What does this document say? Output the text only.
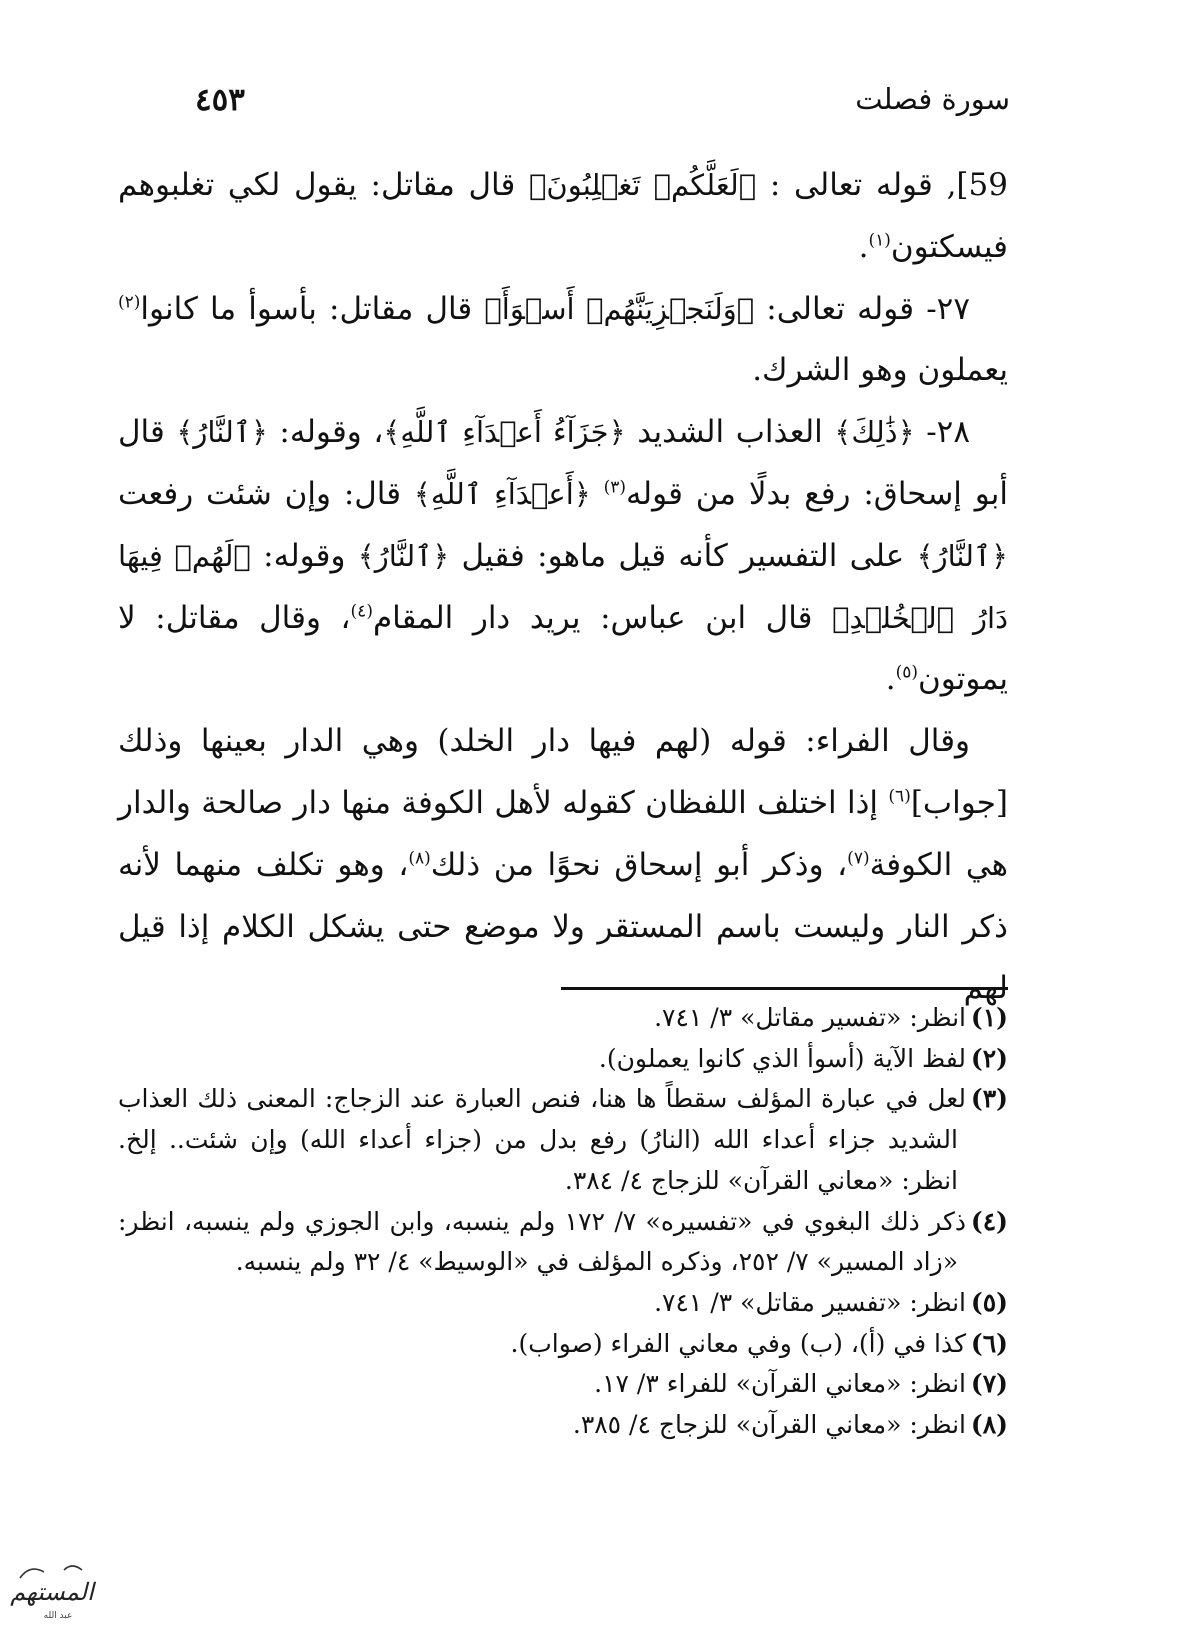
سورة فصلت
٤٥٣

59], قوله تعالى : ﴿لَعَلَّكُمۡ تَغۡلِبُونَ﴾ قال مقاتل: يقول لكي تغلبوهم فيسكتون$^{(١)}$.

٢٧- قوله تعالى: ﴿وَلَنَجۡزِيَنَّهُمۡ أَسۡوَأَ﴾ قال مقاتل: بأسوأ ما كانوا$^{(٢)}$ يعملون وهو الشرك.

٢٨- ﴿ذَٰلِكَ﴾ العذاب الشديد ﴿جَزَآءُ أَعۡدَآءِ ٱللَّهِ﴾، وقوله: ﴿ٱلنَّارُ﴾ قال أبو إسحاق: رفع بدلًا من قوله$^{(٣)}$ ﴿أَعۡدَآءِ ٱللَّهِ﴾ قال: وإن شئت رفعت ﴿ٱلنَّارُ﴾ على التفسير كأنه قيل ماهو: فقيل ﴿ٱلنَّارُ﴾ وقوله: ﴿لَهُمۡ فِيهَا دَارُ ٱلۡخُلۡدِ﴾ قال ابن عباس: يريد دار المقام$^{(٤)}$، وقال مقاتل: لا يموتون$^{(٥)}$.

وقال الفراء: قوله (لهم فيها دار الخلد) وهي الدار بعينها وذلك [جواب]$^{(٦)}$ إذا اختلف اللفظان كقوله لأهل الكوفة منها دار صالحة والدار هي الكوفة$^{(٧)}$، وذكر أبو إسحاق نحوًا من ذلك$^{(٨)}$، وهو تكلف منهما لأنه ذكر النار وليست باسم المستقر ولا موضع حتى يشكل الكلام إذا قيل لهم

(١)انظر: «تفسير مقاتل» ٣/ ٧٤١.

(٢)لفظ الآية (أسوأ الذي كانوا يعملون).

(٣)لعل في عبارة المؤلف سقطاً ها هنا، فنص العبارة عند الزجاج: المعنى ذلك العذاب الشديد جزاء أعداء الله (النارُ) رفع بدل من (جزاء أعداء الله) وإن شئت.. إلخ. انظر: «معاني القرآن» للزجاج ٤/ ٣٨٤.

(٤)ذكر ذلك البغوي في «تفسيره» ٧/ ١٧٢ ولم ينسبه، وابن الجوزي ولم ينسبه، انظر: «زاد المسير» ٧/ ٢٥٢، وذكره المؤلف في «الوسيط» ٤/ ٣٢ ولم ينسبه.

(٥)انظر: «تفسير مقاتل» ٣/ ٧٤١.

(٦)كذا في (أ)، (ب) وفي معاني الفراء (صواب).

(٧)انظر: «معاني القرآن» للفراء ٣/ ١٧.

(٨)انظر: «معاني القرآن» للزجاج ٤/ ٣٨٥.

المستهم
عبد الله
